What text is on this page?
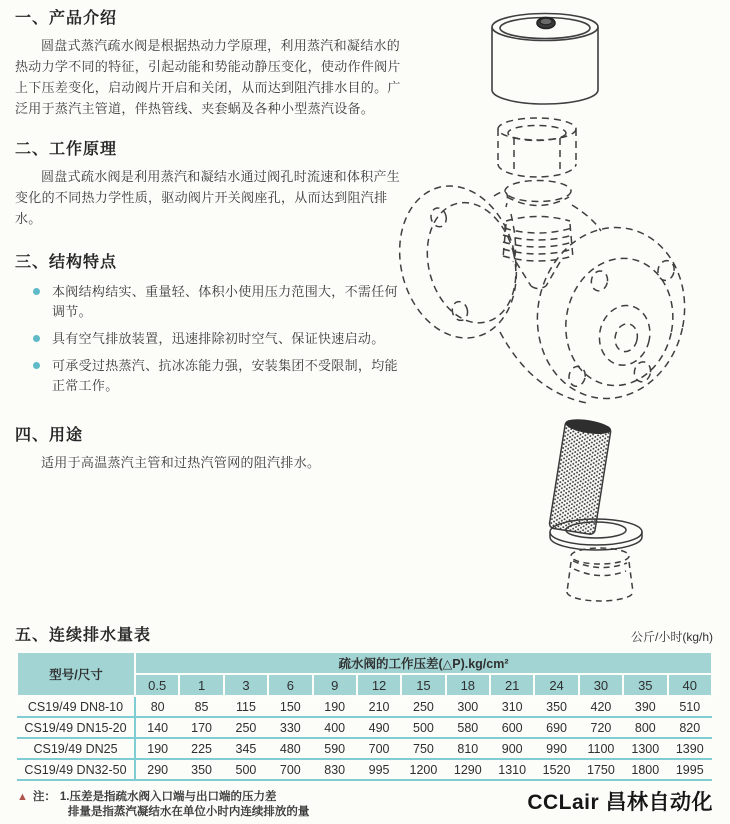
一、产品介绍

圆盘式蒸汽疏水阀是根据热动力学原理，利用蒸汽和凝结水的热动力学不同的特征，引起动能和势能动静压变化，使动作件阀片上下压差变化，启动阀片开启和关闭，从而达到阻汽排水目的。广泛用于蒸汽主管道，伴热管线、夹套蜗及各种小型蒸汽设备。

二、工作原理

圆盘式疏水阀是利用蒸汽和凝结水通过阀孔时流速和体积产生变化的不同热力学性质，驱动阀片开关阀座孔，从而达到阻汽排水。

三、结构特点
本阀结构结实、重量轻、体积小使用压力范围大，不需任何调节。
具有空气排放装置，迅速排除初时空气、保证快速启动。
可承受过热蒸汽、抗冰冻能力强，安装集团不受限制，均能正常工作。
四、用途

适用于高温蒸汽主管和过热汽管网的阻汽排水。

五、连续排水量表	公斤/小时(kg/h)
型号/尺寸	疏水阀的工作压差(△P).kg/cm²												
	0.5	1	3	6	9	12	15	18	21	24	30	35	40
CS19/49 DN8-10	80	85	115	150	190	210	250	300	310	350	420	390	510
CS19/49 DN15-20	140	170	250	330	400	490	500	580	600	690	720	800	820
CS19/49 DN25	190	225	345	480	590	700	750	810	900	990	1100	1300	1390
CS19/49 DN32-50	290	350	500	700	830	995	1200	1290	1310	1520	1750	1800	1995
▲ 注： 1.压差是指疏水阀入口端与出口端的压力差
排量是指蒸汽凝结水在单位小时内连续排放的量	CCLair 昌林自动化
